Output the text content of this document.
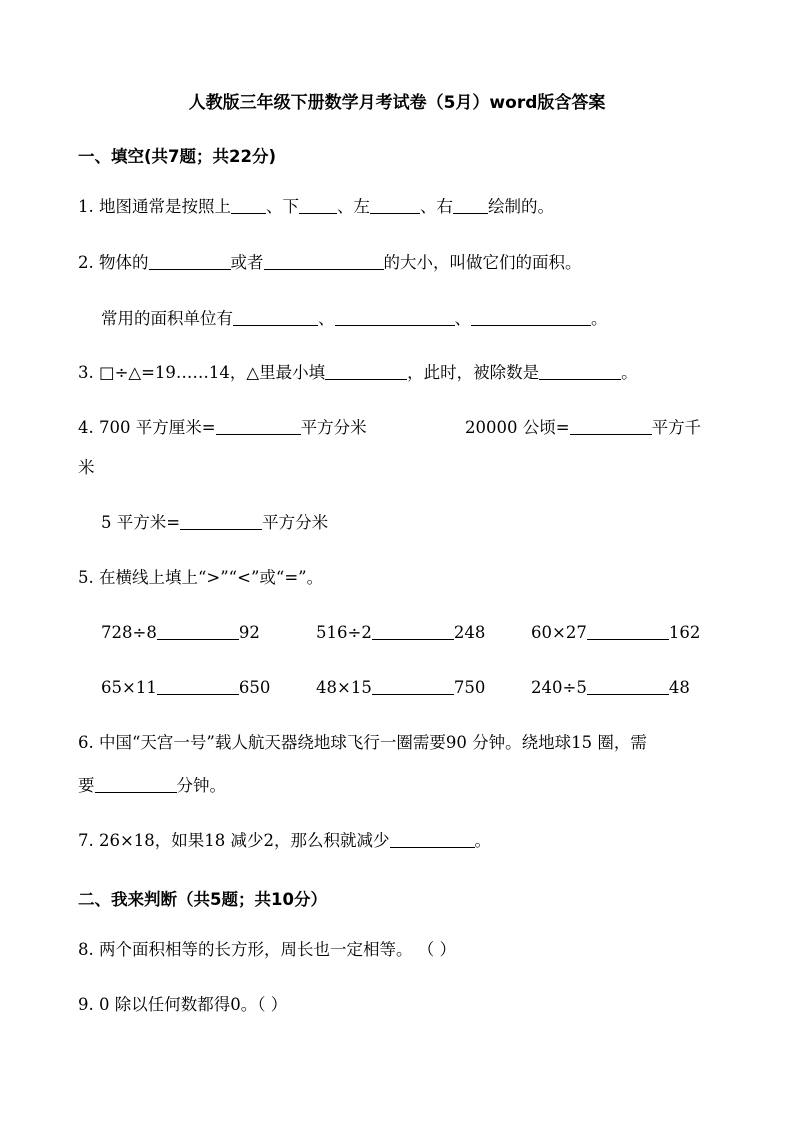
人教版三年级下册数学月考试卷（5月）word版含答案
一、填空(共7题；共22分)
1. 地图通常是按照上 、下 、左	、右 绘制的。
2. 物体的	或者	的大小，叫做它们的面积。
常用的面积单位有	、	、	。
3. □÷△=19……14，△里最小填	，此时，被除数是	。
4. 700 平方厘米=	平方分米	20000 公顷=	平方千
米
5 平方米=	平方分米
5. 在横线上填上“>”“<”或“=”。
728÷8	92	516÷2	248	60×27	162
65×11	650	48×15	750	240÷5	48
6. 中国“天宫一号”载人航天器绕地球飞行一圈需要90 分钟。绕地球15 圈，需
要	分钟。
7. 26×18，如果18 减少2，那么积就减少	。
二、我来判断（共5题；共10分）
8. 两个面积相等的长方形，周长也一定相等。 （ ）
9. 0 除以任何数都得0。（ ）
